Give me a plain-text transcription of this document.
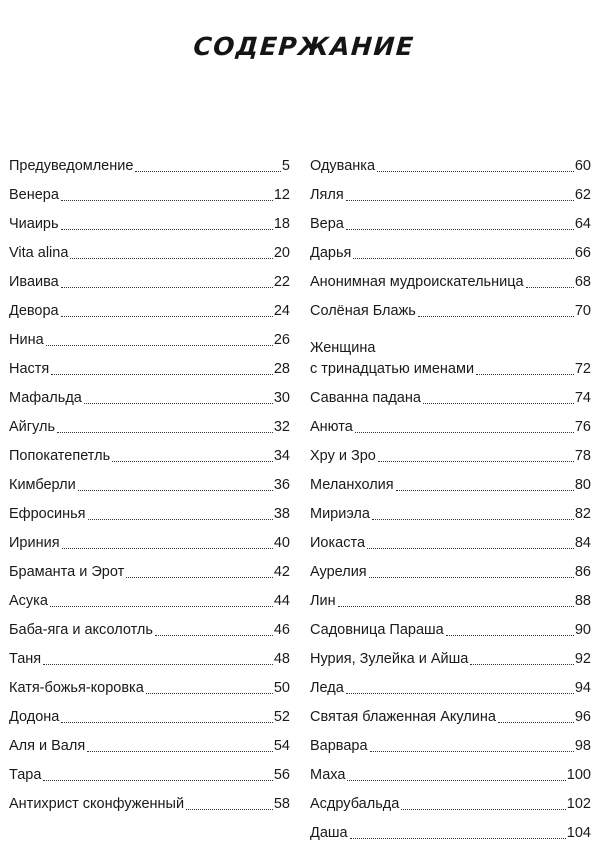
СОДЕРЖАНИЕ
Предуведомление	5
Венера	12
Чиаирь	18
Vita alina	20
Иваива	22
Девора	24
Нина	26
Настя	28
Мафальда	30
Айгуль	32
Попокатепетль	34
Кимберли	36
Ефросинья	38
Ириния	40
Браманта и Эрот	42
Асука	44
Баба-яга и аксолотль	46
Таня	48
Катя-божья-коровка	50
Додона	52
Аля и Валя	54
Тара	56
Антихрист сконфуженный	58
Одуванка	60
Ляля	62
Вера	64
Дарья	66
Анонимная мудроискательница	68
Солёная Блажь	70
Женщина
с тринадцатью именами	72
Саванна падана	74
Анюта	76
Хру и Зро	78
Меланхолия	80
Мириэла	82
Иокаста	84
Аурелия	86
Лин	88
Садовница Параша	90
Нурия, Зулейка и Айша	92
Леда	94
Святая блаженная Акулина	96
Варвара	98
Маха	100
Асдрубальда	102
Даша	104
